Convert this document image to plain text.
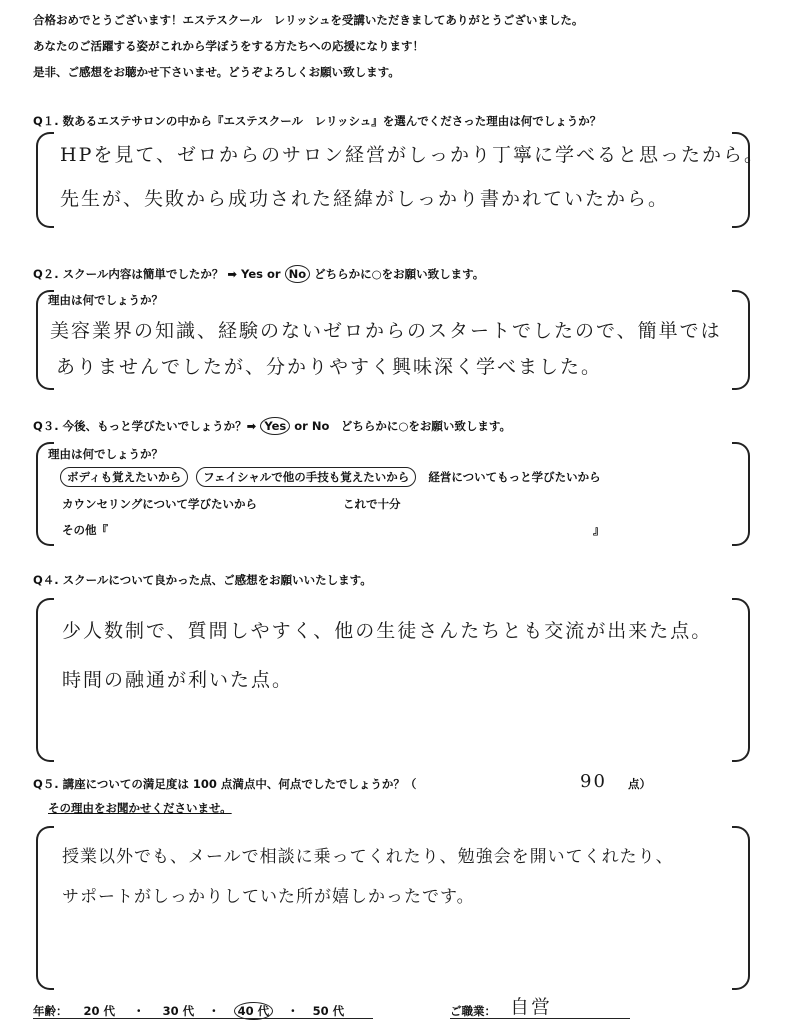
合格おめでとうございます！エステスクール　レリッシュを受講いただきましてありがとうございました。
あなたのご活躍する姿がこれから学ぼうをする方たちへの応援になります！
是非、ご感想をお聴かせ下さいませ。どうぞよろしくお願い致します。
Q１. 数あるエステサロンの中から『エステスクール　レリッシュ』を選んでくださった理由は何でしょうか？
HPを見て、ゼロからのサロン経営がしっかり丁寧に学べると思ったから。
先生が、失敗から成功された経緯がしっかり書かれていたから。
Q２. スクール内容は簡単でしたか？ ➡ Yes or No どちらかに○をお願い致します。
理由は何でしょうか？
美容業界の知識、経験のないゼロからのスタートでしたので、簡単では
ありませんでしたが、分かりやすく興味深く学べました。
Q３. 今後、もっと学びたいでしょうか？➡ Yes or No　どちらかに○をお願い致します。
理由は何でしょうか？
ボディも覚えたいから フェイシャルで他の手技も覚えたいから 経営についてもっと学びたいから
カウンセリングについて学びたいから	これで十分
その他『	』
Q４. スクールについて良かった点、ご感想をお願いいたします。
少人数制で、質問しやすく、他の生徒さんたちとも交流が出来た点。
時間の融通が利いた点。
Q５. 講座についての満足度は 100 点満点中、何点でしたでしょうか？（	90 点）
その理由をお聞かせくださいませ。
授業以外でも、メールで相談に乗ってくれたり、勉強会を開いてくれたり、
サポートがしっかりしていた所が嬉しかったです。
年齢： 20 代 ・ 30 代 ・ 40 代 ・ 50 代	ご職業： 自営
